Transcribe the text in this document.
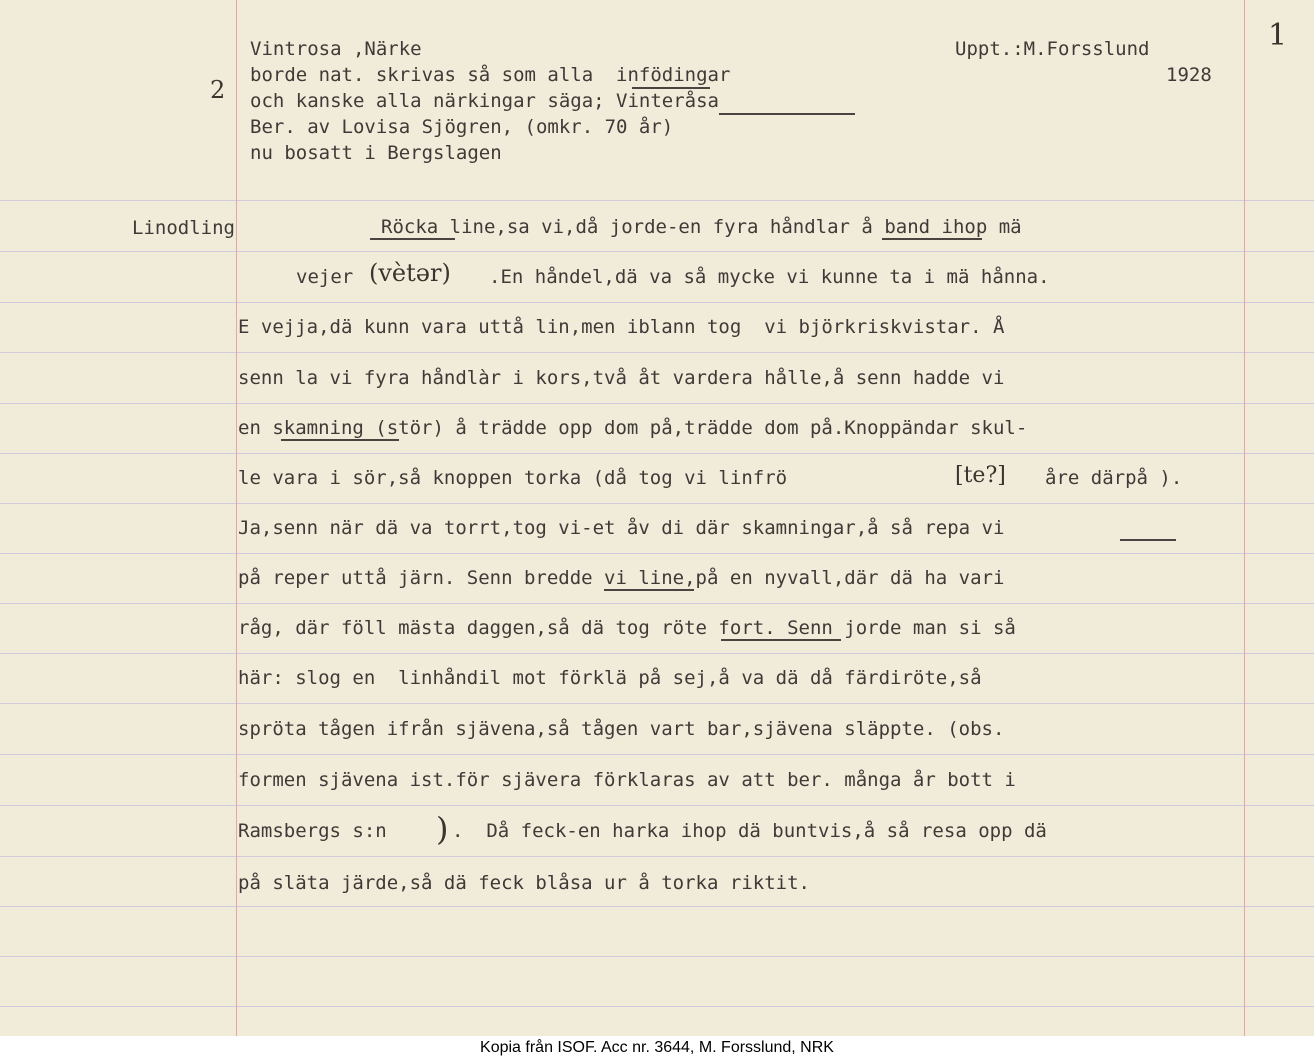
1
2
Vintrosa ,Närke
borde nat. skrivas så som alla  infödingar
och kanske alla närkingar säga; Vinteråsa
Ber. av Lovisa Sjögren, (omkr. 70 år)
nu bosatt i Bergslagen
Uppt.:M.Forsslund
1928
Linodling	Röcka line,sa vi,då jorde-en fyra håndlar å band ihop mä
vejer (vètər) .En håndel,dä va så mycke vi kunne ta i mä hånna.
E vejja,dä kunn vara uttå lin,men iblann tog  vi björkriskvistar. Å
senn la vi fyra håndlàr i kors,två åt vardera hålle,å senn hadde vi
en skamning (stör) å trädde opp dom på,trädde dom på.Knoppändar skul-
le vara i sör,så knoppen torka (då tog vi linfrö	[te?] åre därpå ).
Ja,senn när dä va torrt,tog vi-et åv di där skamningar,å så repa vi
på reper uttå järn. Senn bredde vi line,på en nyvall,där dä ha vari
råg, där föll mästa daggen,så dä tog röte fort. Senn jorde man si så
här: slog en  linhåndil mot förklä på sej,å va dä då färdiröte,så
spröta tågen ifrån sjävena,så tågen vart bar,sjävena släppte. (obs.
formen sjävena ist.för sjävera förklaras av att ber. många år bott i
Ramsbergs s:n ) .  Då feck-en harka ihop dä buntvis,å så resa opp dä
på släta järde,så dä feck blåsa ur å torka riktit.
Kopia från ISOF. Acc nr. 3644, M. Forsslund, NRK
